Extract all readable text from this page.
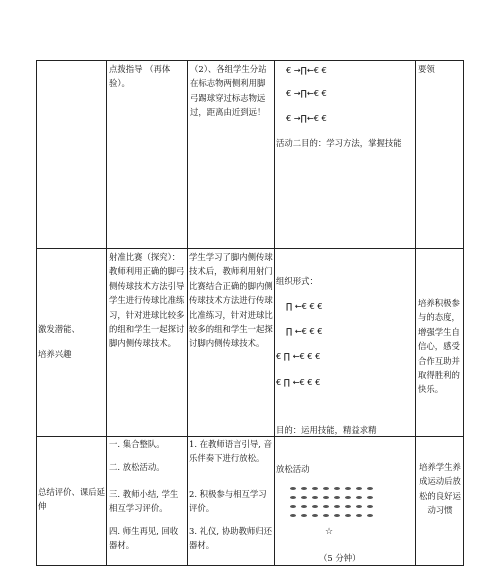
点拨指导 （再体验）。
（2）、各组学生分站在标志物两侧利用脚弓踢球穿过标志物远过，距离由近到远！
€ →∏←€ €
€ →∏←€ €
€ →∏←€ €
活动二目的：学习方法，掌握技能
要领
激发潜能、
培养兴趣
射准比赛（探究）：教师利用正确的脚弓侧传球技术方法引导学生进行传球比准练习，针对进球比较多的组和学生一起探讨脚内侧传球技术。
学生学习了脚内侧传球技术后，教师利用射门比赛结合正确的脚内侧传球技术方法进行传球比准练习，针对进球比较多的组和学生一起探讨脚内侧传球技术。
组织形式：
∏ ←€ € €
∏ ←€ € €
€ ∏ ←€ € €
€ ∏ ←€ € €
目的：运用技能，精益求精
培养积极参与的态度，增强学生自信心，感受合作互助并取得胜利的快乐。
总结评价、课后延伸
一. 集合整队。
二. 放松活动。
三. 教师小结, 学生相互学习评价。
四. 师生再见, 回收器材。
1. 在教师语言引导, 音乐伴奏下进行放松。
2. 积极参与相互学习评价。
3. 礼仪, 协助教师归还器材。
放松活动
☆
（5 分钟）
培养学生养成运动后放松的良好运动习惯
